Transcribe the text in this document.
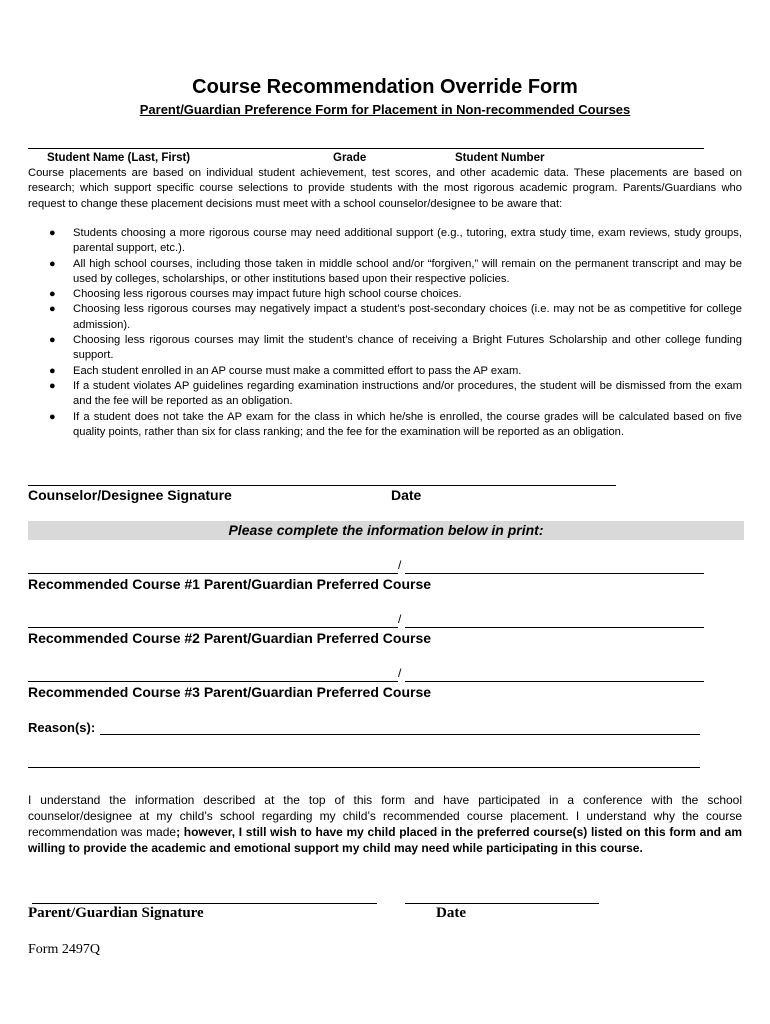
Course Recommendation Override Form
Parent/Guardian Preference Form for Placement in Non-recommended Courses
Student Name (Last, First)	Grade	Student Number
Course placements are based on individual student achievement, test scores, and other academic data. These placements are based on research; which support specific course selections to provide students with the most rigorous academic program. Parents/Guardians who request to change these placement decisions must meet with a school counselor/designee to be aware that:
● Students choosing a more rigorous course may need additional support (e.g., tutoring, extra study time, exam reviews, study groups, parental support, etc.).
● All high school courses, including those taken in middle school and/or “forgiven,” will remain on the permanent transcript and may be used by colleges, scholarships, or other institutions based upon their respective policies.
● Choosing less rigorous courses may impact future high school course choices.
● Choosing less rigorous courses may negatively impact a student’s post-secondary choices (i.e. may not be as competitive for college admission).
● Choosing less rigorous courses may limit the student’s chance of receiving a Bright Futures Scholarship and other college funding support.
● Each student enrolled in an AP course must make a committed effort to pass the AP exam.
● If a student violates AP guidelines regarding examination instructions and/or procedures, the student will be dismissed from the exam and the fee will be reported as an obligation.
● If a student does not take the AP exam for the class in which he/she is enrolled, the course grades will be calculated based on five quality points, rather than six for class ranking; and the fee for the examination will be reported as an obligation.
Counselor/Designee Signature	Date
Please complete the information below in print:
/
Recommended Course #1 Parent/Guardian Preferred Course
/
Recommended Course #2 Parent/Guardian Preferred Course
/
Recommended Course #3 Parent/Guardian Preferred Course
Reason(s):
I understand the information described at the top of this form and have participated in a conference with the school counselor/designee at my child’s school regarding my child’s recommended course placement. I understand why the course recommendation was made; however, I still wish to have my child placed in the preferred course(s) listed on this form and am willing to provide the academic and emotional support my child may need while participating in this course.
Parent/Guardian Signature	Date
Form 2497Q
